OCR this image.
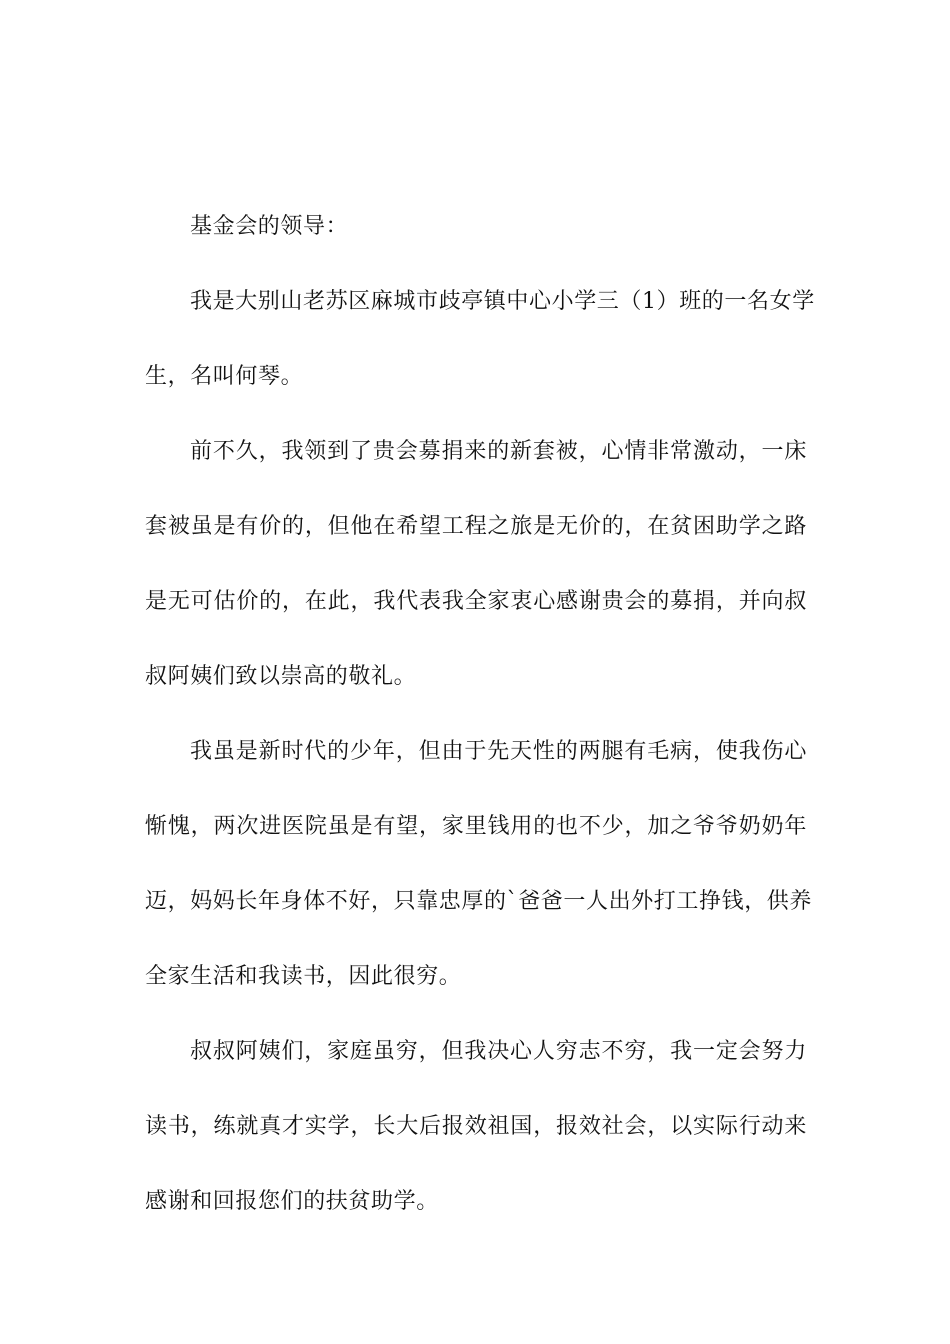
基金会的领导：
我是大别山老苏区麻城市歧亭镇中心小学三（1）班的一名女学
生，名叫何琴。
前不久，我领到了贵会募捐来的新套被，心情非常激动，一床
套被虽是有价的，但他在希望工程之旅是无价的，在贫困助学之路
是无可估价的，在此，我代表我全家衷心感谢贵会的募捐，并向叔
叔阿姨们致以崇高的敬礼。
我虽是新时代的少年，但由于先天性的两腿有毛病，使我伤心
惭愧，两次进医院虽是有望，家里钱用的也不少，加之爷爷奶奶年
迈，妈妈长年身体不好，只靠忠厚的`爸爸一人出外打工挣钱，供养
全家生活和我读书，因此很穷。
叔叔阿姨们，家庭虽穷，但我决心人穷志不穷，我一定会努力
读书，练就真才实学，长大后报效祖国，报效社会，以实际行动来
感谢和回报您们的扶贫助学。
